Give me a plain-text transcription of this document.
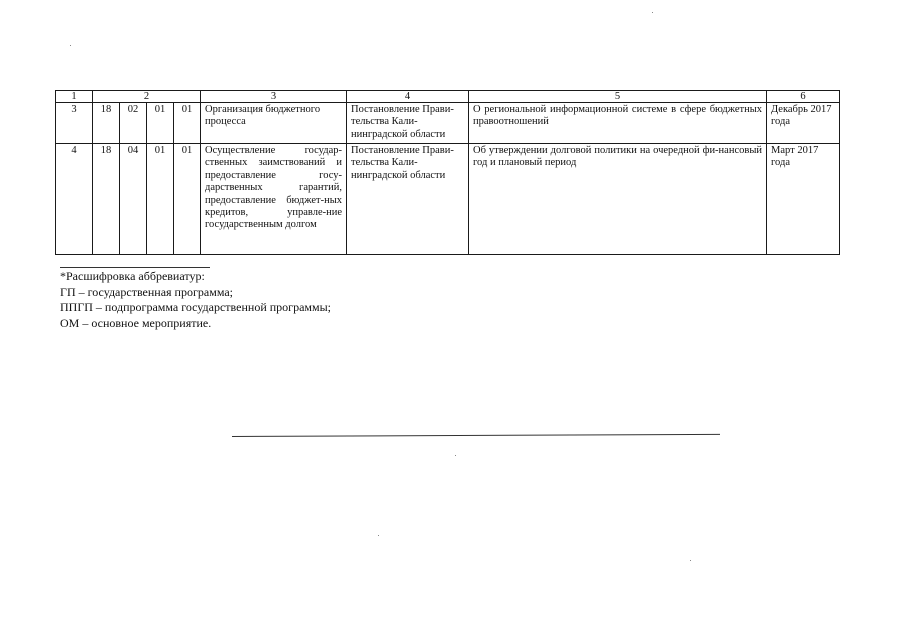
1	2				3	4	5	6
3	18	02	01	01	Организация бюджетного процесса	Постановление Прави-тельства Кали-нинградской области	О региональной информационной системе в сфере бюджетных правоотношений	Декабрь 2017 года
4	18	04	01	01	Осуществление государ-ственных заимствований и предоставление госу-дарственных гарантий, предоставление бюджет-ных кредитов, управле-ние государственным долгом	Постановление Прави-тельства Кали-нинградской области	Об утверждении долговой политики на очередной фи-нансовый год и плановый период	Март 2017 года
*Расшифровка аббревиатур:
ГП – государственная программа;
ППГП – подпрограмма государственной программы;
ОМ – основное мероприятие.
